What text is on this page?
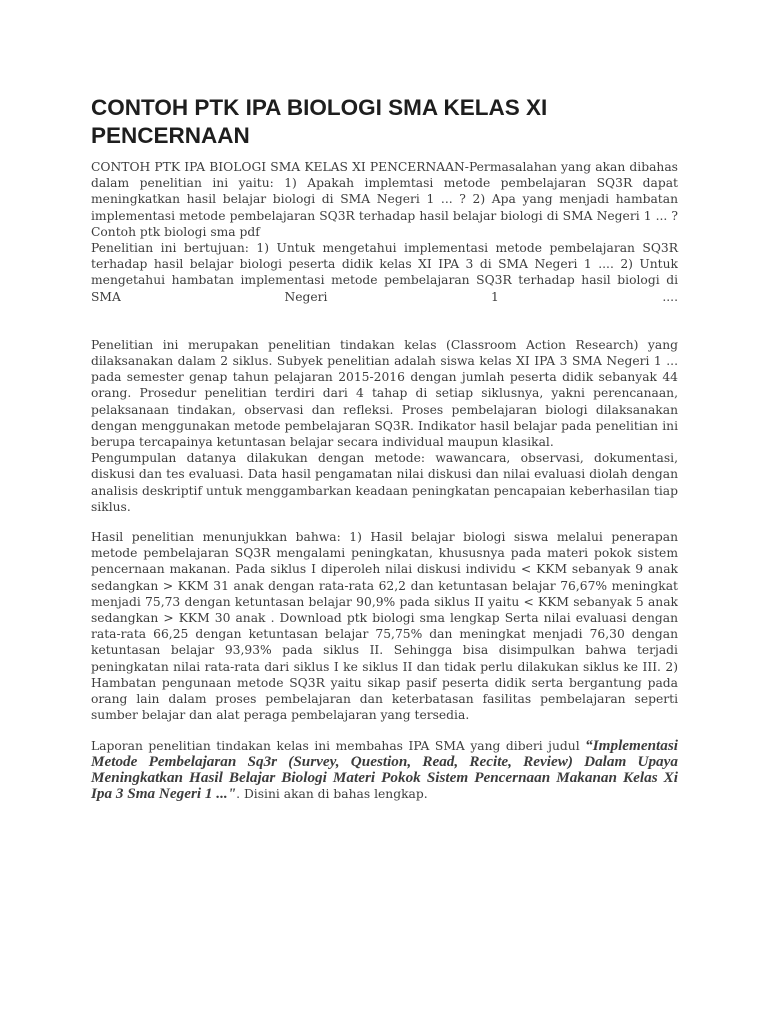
CONTOH PTK IPA BIOLOGI SMA KELAS XI PENCERNAAN

CONTOH PTK IPA BIOLOGI SMA KELAS XI PENCERNAAN-Permasalahan yang akan dibahas dalam penelitian ini yaitu: 1) Apakah implemtasi metode pembelajaran SQ3R dapat meningkatkan hasil belajar biologi di SMA Negeri 1 ... ? 2) Apa yang menjadi hambatan implementasi metode pembelajaran SQ3R terhadap hasil belajar biologi di SMA Negeri 1 ... ? Contoh ptk biologi sma pdf

Penelitian ini bertujuan: 1) Untuk mengetahui implementasi metode pembelajaran SQ3R terhadap hasil belajar biologi peserta didik kelas XI IPA 3 di SMA Negeri 1 .... 2) Untuk mengetahui hambatan implementasi metode pembelajaran SQ3R terhadap hasil biologi di SMA Negeri 1 ....

Penelitian ini merupakan penelitian tindakan kelas (Classroom Action Research) yang dilaksanakan dalam 2 siklus. Subyek penelitian adalah siswa kelas XI IPA 3 SMA Negeri 1 ... pada semester genap tahun pelajaran 2015-2016 dengan jumlah peserta didik sebanyak 44 orang. Prosedur penelitian terdiri dari 4 tahap di setiap siklusnya, yakni perencanaan, pelaksanaan tindakan, observasi dan refleksi. Proses pembelajaran biologi dilaksanakan dengan menggunakan metode pembelajaran SQ3R. Indikator hasil belajar pada penelitian ini berupa tercapainya ketuntasan belajar secara individual maupun klasikal.

Pengumpulan datanya dilakukan dengan metode: wawancara, observasi, dokumentasi, diskusi dan tes evaluasi. Data hasil pengamatan nilai diskusi dan nilai evaluasi diolah dengan analisis deskriptif untuk menggambarkan keadaan peningkatan pencapaian keberhasilan tiap siklus.

Hasil penelitian menunjukkan bahwa: 1) Hasil belajar biologi siswa melalui penerapan metode pembelajaran SQ3R mengalami peningkatan, khususnya pada materi pokok sistem pencernaan makanan. Pada siklus I diperoleh nilai diskusi individu < KKM sebanyak 9 anak sedangkan > KKM 31 anak dengan rata-rata 62,2 dan ketuntasan belajar 76,67% meningkat menjadi 75,73 dengan ketuntasan belajar 90,9% pada siklus II yaitu < KKM sebanyak 5 anak sedangkan > KKM 30 anak . Download ptk biologi sma lengkap Serta nilai evaluasi dengan rata-rata 66,25 dengan ketuntasan belajar 75,75% dan meningkat menjadi 76,30 dengan ketuntasan belajar 93,93% pada siklus II. Sehingga bisa disimpulkan bahwa terjadi peningkatan nilai rata-rata dari siklus I ke siklus II dan tidak perlu dilakukan siklus ke III. 2) Hambatan pengunaan metode SQ3R yaitu sikap pasif peserta didik serta bergantung pada orang lain dalam proses pembelajaran dan keterbatasan fasilitas pembelajaran seperti sumber belajar dan alat peraga pembelajaran yang tersedia.

Laporan penelitian tindakan kelas ini membahas IPA SMA yang diberi judul “Implementasi Metode Pembelajaran Sq3r (Survey, Question, Read, Recite, Review) Dalam Upaya Meningkatkan Hasil Belajar Biologi Materi Pokok Sistem Pencernaan Makanan Kelas Xi Ipa 3 Sma Negeri 1 ...". Disini akan di bahas lengkap.
